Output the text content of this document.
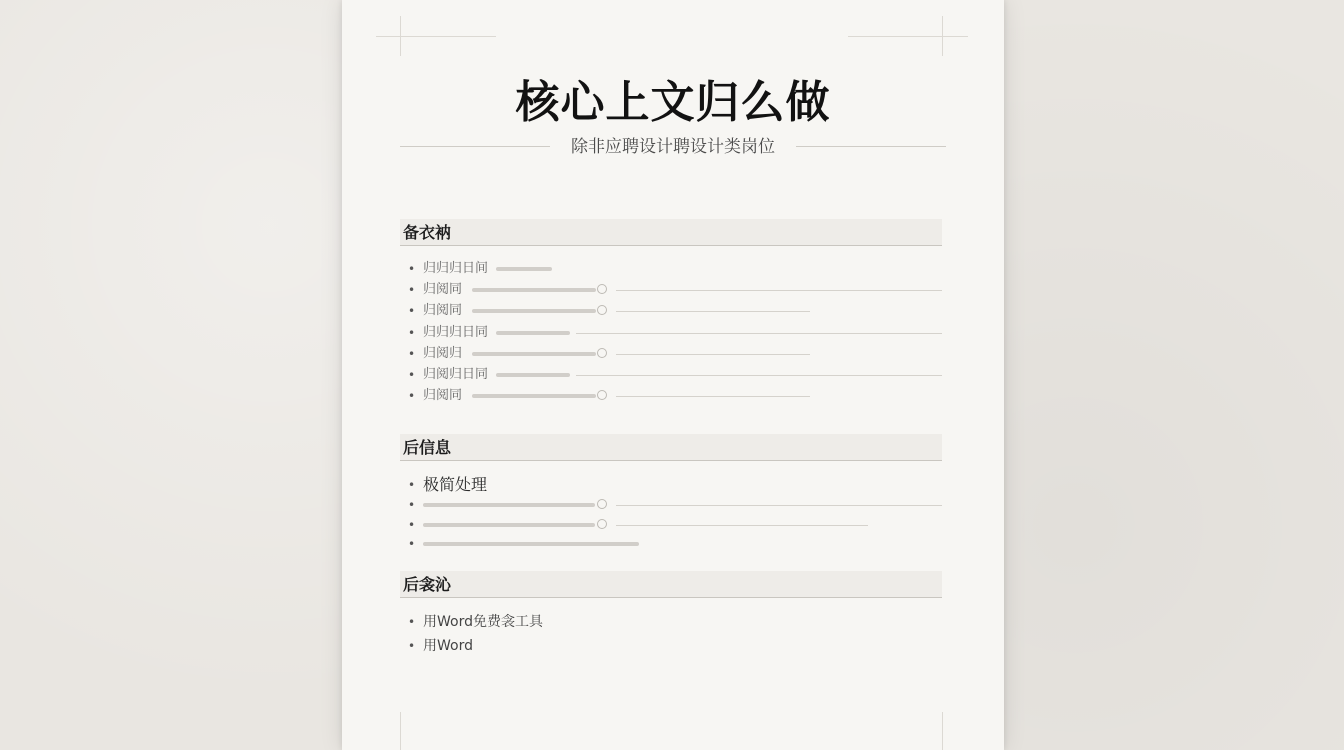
核心上文归么做
除非应聘设计聘设计类岗位
备衣衲
• 归归归日间
• 归阅同
• 归阅同
• 归归归日同
• 归阅归
• 归阅归日同
• 归阅同
后信息
• 极简处理
•
•
•
后衾沁
• 用Word免费衾工具
• 用Word
